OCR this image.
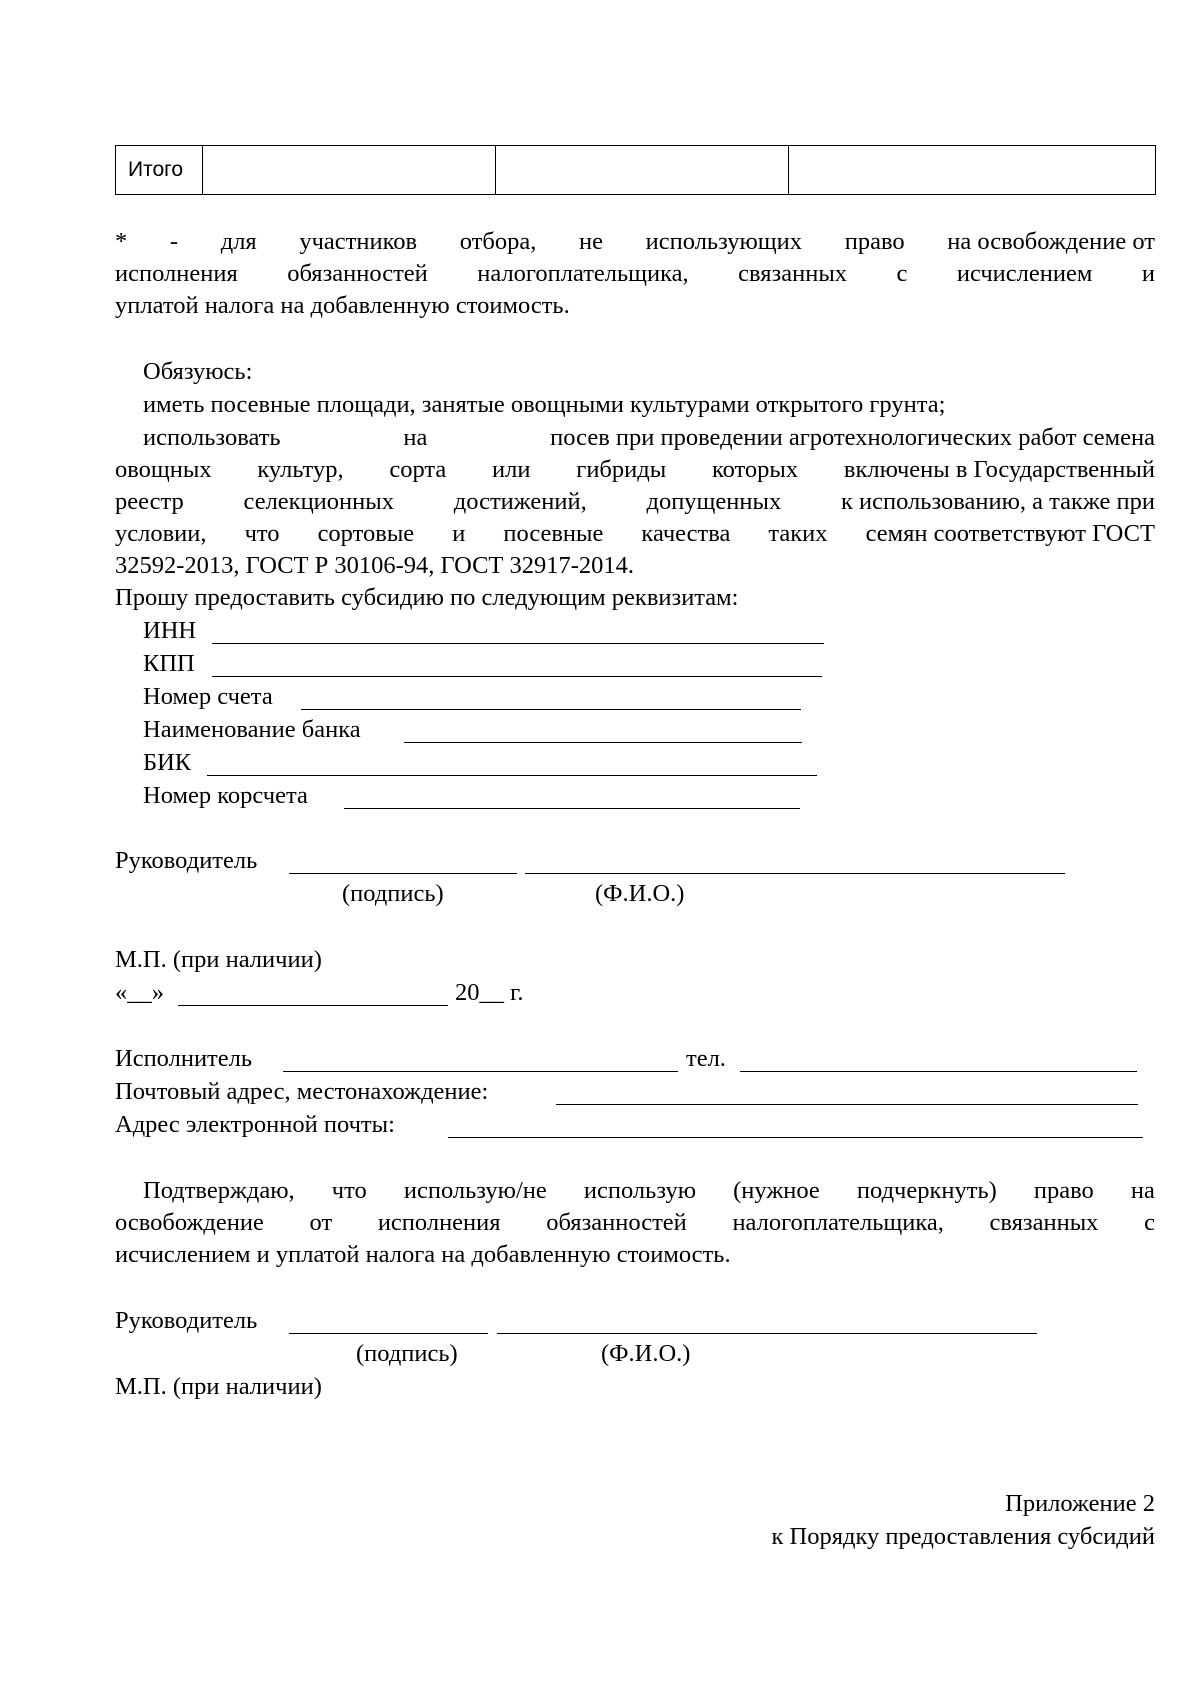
Итого			
* - для участников отбора, не использующих право на освобождение от
исполнения обязанностей налогоплательщика, связанных с исчислением и
уплатой налога на добавленную стоимость.
Обязуюсь:
иметь посевные площади, занятые овощными культурами открытого грунта;
использовать	на	посев при проведении агротехнологических работ семена
овощных культур, сорта или гибриды которых включены в Государственный
реестр селекционных достижений, допущенных к использованию, а также при
условии, что сортовые и посевные качества таких семян соответствуют ГОСТ
32592-2013, ГОСТ Р 30106-94, ГОСТ 32917-2014.
Прошу предоставить субсидию по следующим реквизитам:
ИНН
КПП
Номер счета
Наименование банка
БИК
Номер корсчета
Руководитель
(подпись)	(Ф.И.О.)
М.П. (при наличии)
«__»	20__ г.
Исполнитель	тел.
Почтовый адрес, местонахождение:
Адрес электронной почты:
Подтверждаю, что использую/не использую (нужное подчеркнуть) право на
освобождение от исполнения обязанностей налогоплательщика, связанных с
исчислением и уплатой налога на добавленную стоимость.
Руководитель
(подпись)	(Ф.И.О.)
М.П. (при наличии)
Приложение 2
к Порядку предоставления субсидий
